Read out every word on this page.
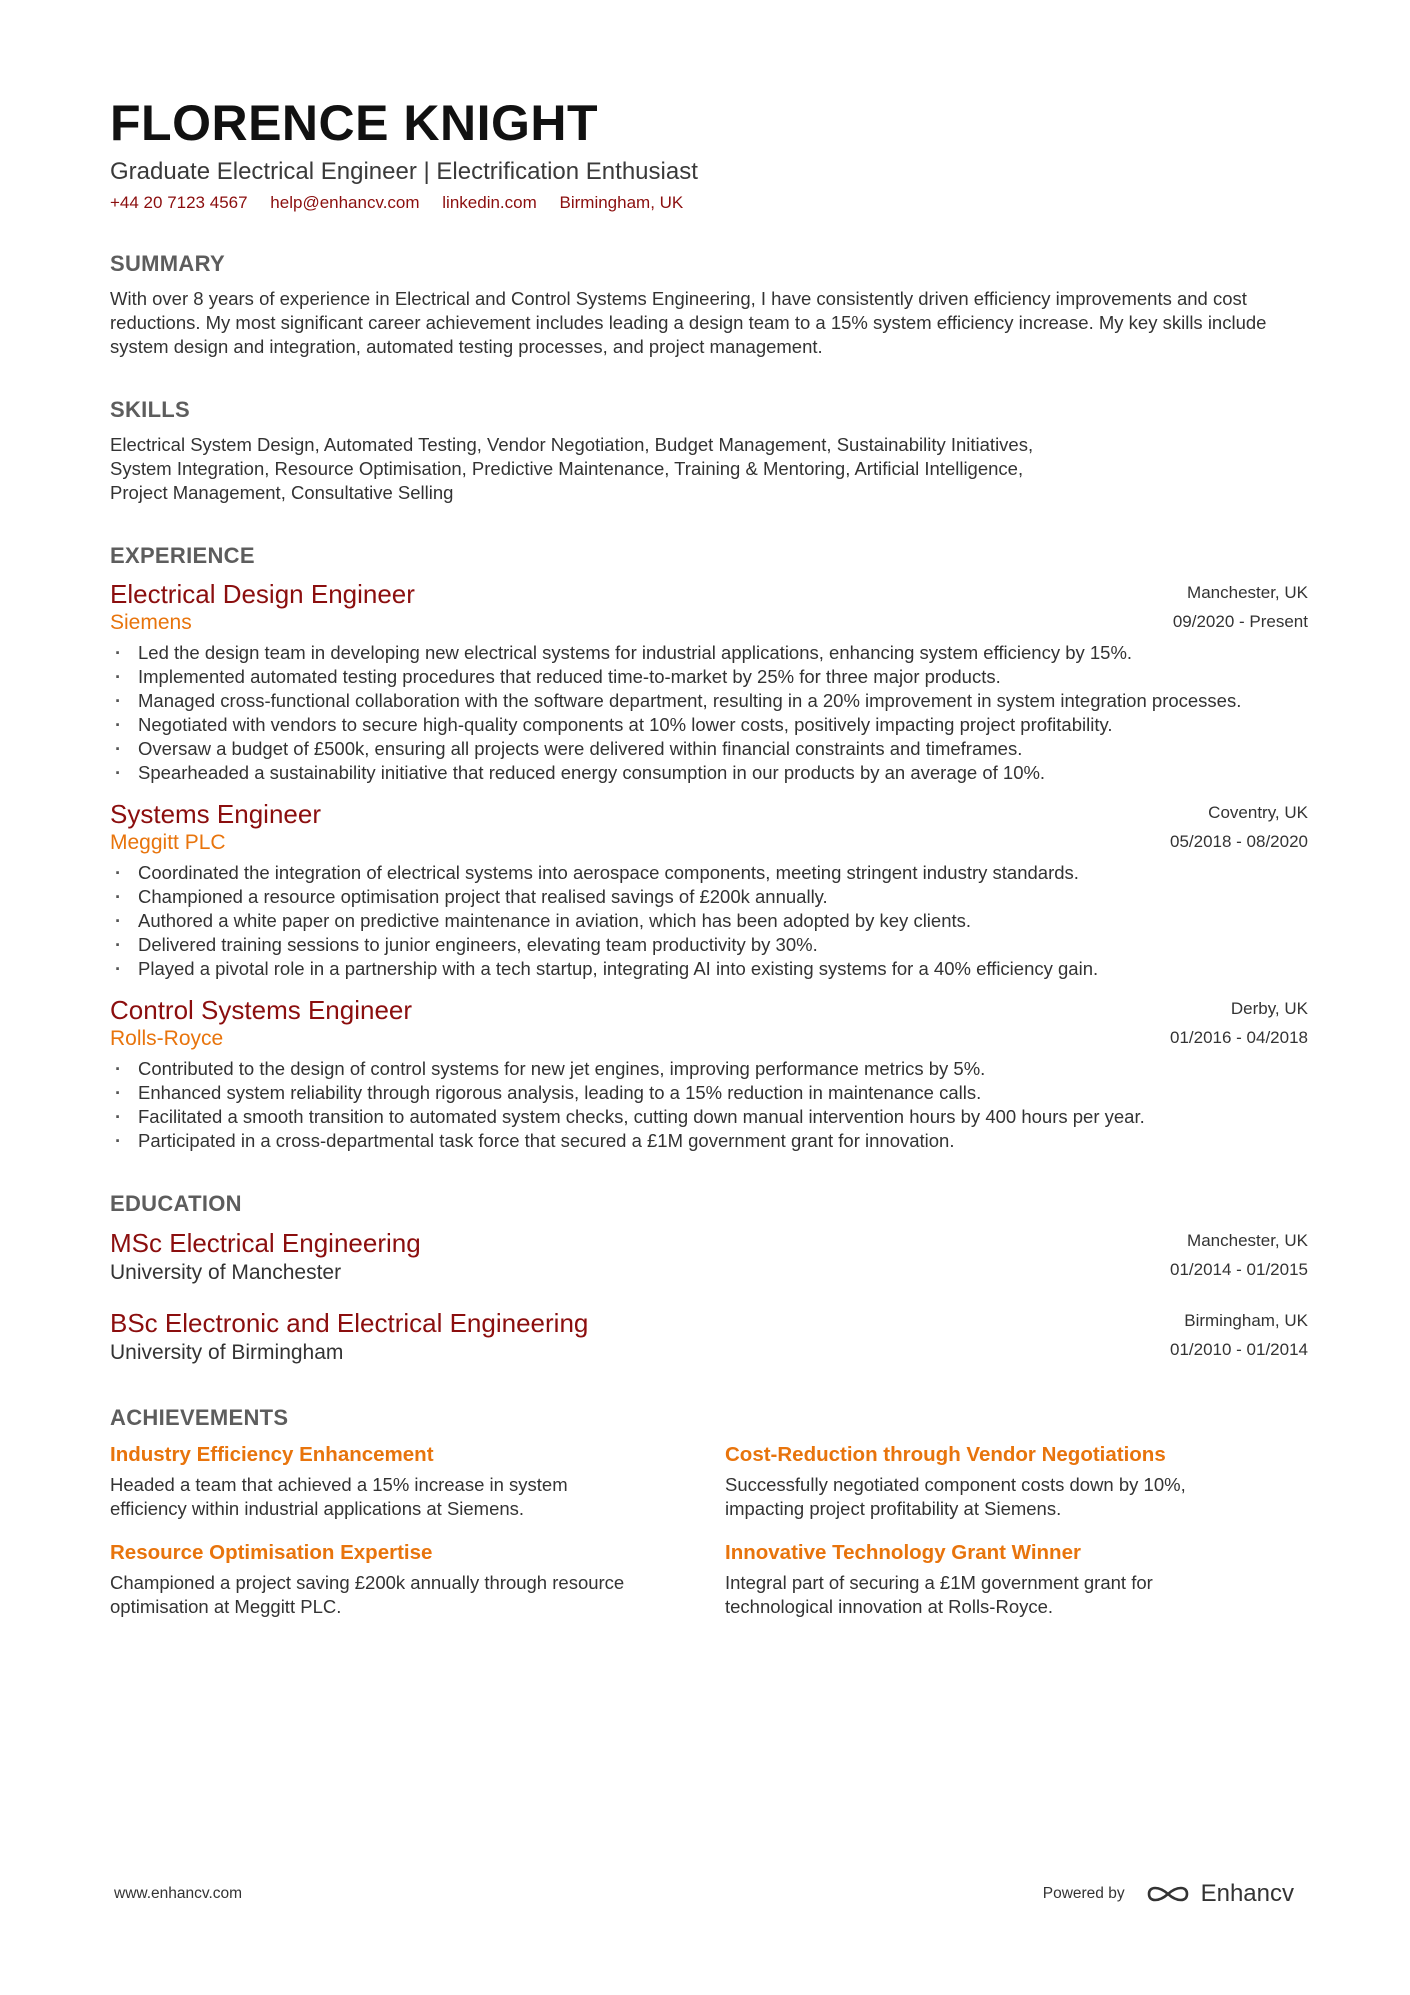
FLORENCE KNIGHT
Graduate Electrical Engineer | Electrification Enthusiast
+44 20 7123 4567 help@enhancv.com linkedin.com Birmingham, UK
SUMMARY

With over 8 years of experience in Electrical and Control Systems Engineering, I have consistently driven efficiency improvements and cost reductions. My most significant career achievement includes leading a design team to a 15% system efficiency increase. My key skills include system design and integration, automated testing processes, and project management.

SKILLS
Electrical System Design, Automated Testing, Vendor Negotiation, Budget Management, Sustainability Initiatives,
System Integration, Resource Optimisation, Predictive Maintenance, Training & Mentoring, Artificial Intelligence,
Project Management, Consultative Selling
EXPERIENCE
Electrical Design Engineer
Siemens
Manchester, UK
09/2020 - Present
· Led the design team in developing new electrical systems for industrial applications, enhancing system efficiency by 15%.
· Implemented automated testing procedures that reduced time-to-market by 25% for three major products.
· Managed cross-functional collaboration with the software department, resulting in a 20% improvement in system integration processes.
· Negotiated with vendors to secure high-quality components at 10% lower costs, positively impacting project profitability.
· Oversaw a budget of £500k, ensuring all projects were delivered within financial constraints and timeframes.
· Spearheaded a sustainability initiative that reduced energy consumption in our products by an average of 10%.
Systems Engineer
Meggitt PLC
Coventry, UK
05/2018 - 08/2020
· Coordinated the integration of electrical systems into aerospace components, meeting stringent industry standards.
· Championed a resource optimisation project that realised savings of £200k annually.
· Authored a white paper on predictive maintenance in aviation, which has been adopted by key clients.
· Delivered training sessions to junior engineers, elevating team productivity by 30%.
· Played a pivotal role in a partnership with a tech startup, integrating AI into existing systems for a 40% efficiency gain.
Control Systems Engineer
Rolls-Royce
Derby, UK
01/2016 - 04/2018
· Contributed to the design of control systems for new jet engines, improving performance metrics by 5%.
· Enhanced system reliability through rigorous analysis, leading to a 15% reduction in maintenance calls.
· Facilitated a smooth transition to automated system checks, cutting down manual intervention hours by 400 hours per year.
· Participated in a cross-departmental task force that secured a £1M government grant for innovation.
EDUCATION
MSc Electrical Engineering
University of Manchester
Manchester, UK
01/2014 - 01/2015
BSc Electronic and Electrical Engineering
University of Birmingham
Birmingham, UK
01/2010 - 01/2014
ACHIEVEMENTS
Industry Efficiency Enhancement
Headed a team that achieved a 15% increase in system efficiency within industrial applications at Siemens.
Cost-Reduction through Vendor Negotiations
Successfully negotiated component costs down by 10%, impacting project profitability at Siemens.
Resource Optimisation Expertise
Championed a project saving £200k annually through resource optimisation at Meggitt PLC.
Innovative Technology Grant Winner
Integral part of securing a £1M government grant for technological innovation at Rolls-Royce.
www.enhancv.com	Powered by	Enhancv
